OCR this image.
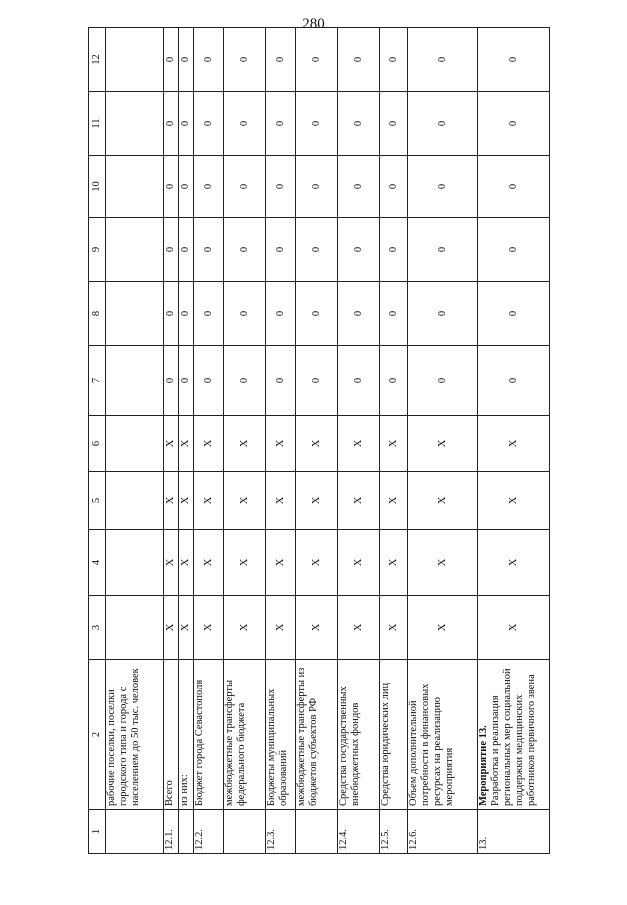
280
1	2	3	4	5	6	7	8	9	10	11	12

	рабочие поселки, поселки городского типа и города с населением до 50 тыс. человек										

12.1.	Всего	X	X	X	X	0	0	0	0	0	0

	из них:	X	X	X	X	0	0	0	0	0	0
12.2.	Бюджет города Севастополя	X	X	X	X	0	0	0	0	0	0

	межбюджетные трансферты федерального бюджета	X	X	X	X	0	0	0	0	0	0
12.3.	Бюджеты муниципальных образований	X	X	X	X	0	0	0	0	0	0

	межбюджетные трансферты из бюджетов субъектов РФ	X	X	X	X	0	0	0	0	0	0
12.4.	Средства государственных внебюджетных фондов	X	X	X	X	0	0	0	0	0	0
12.5.	Средства юридических лиц	X	X	X	X	0	0	0	0	0	0
12.6.	Объем дополнительной потребности в финансовых ресурсах на реализацию мероприятия	X	X	X	X	0	0	0	0	0	0
13.	Мероприятие 13. Разработка и реализация региональных мер социальной поддержки медицинских работников первичного звена	X	X	X	X	0	0	0	0	0	0
